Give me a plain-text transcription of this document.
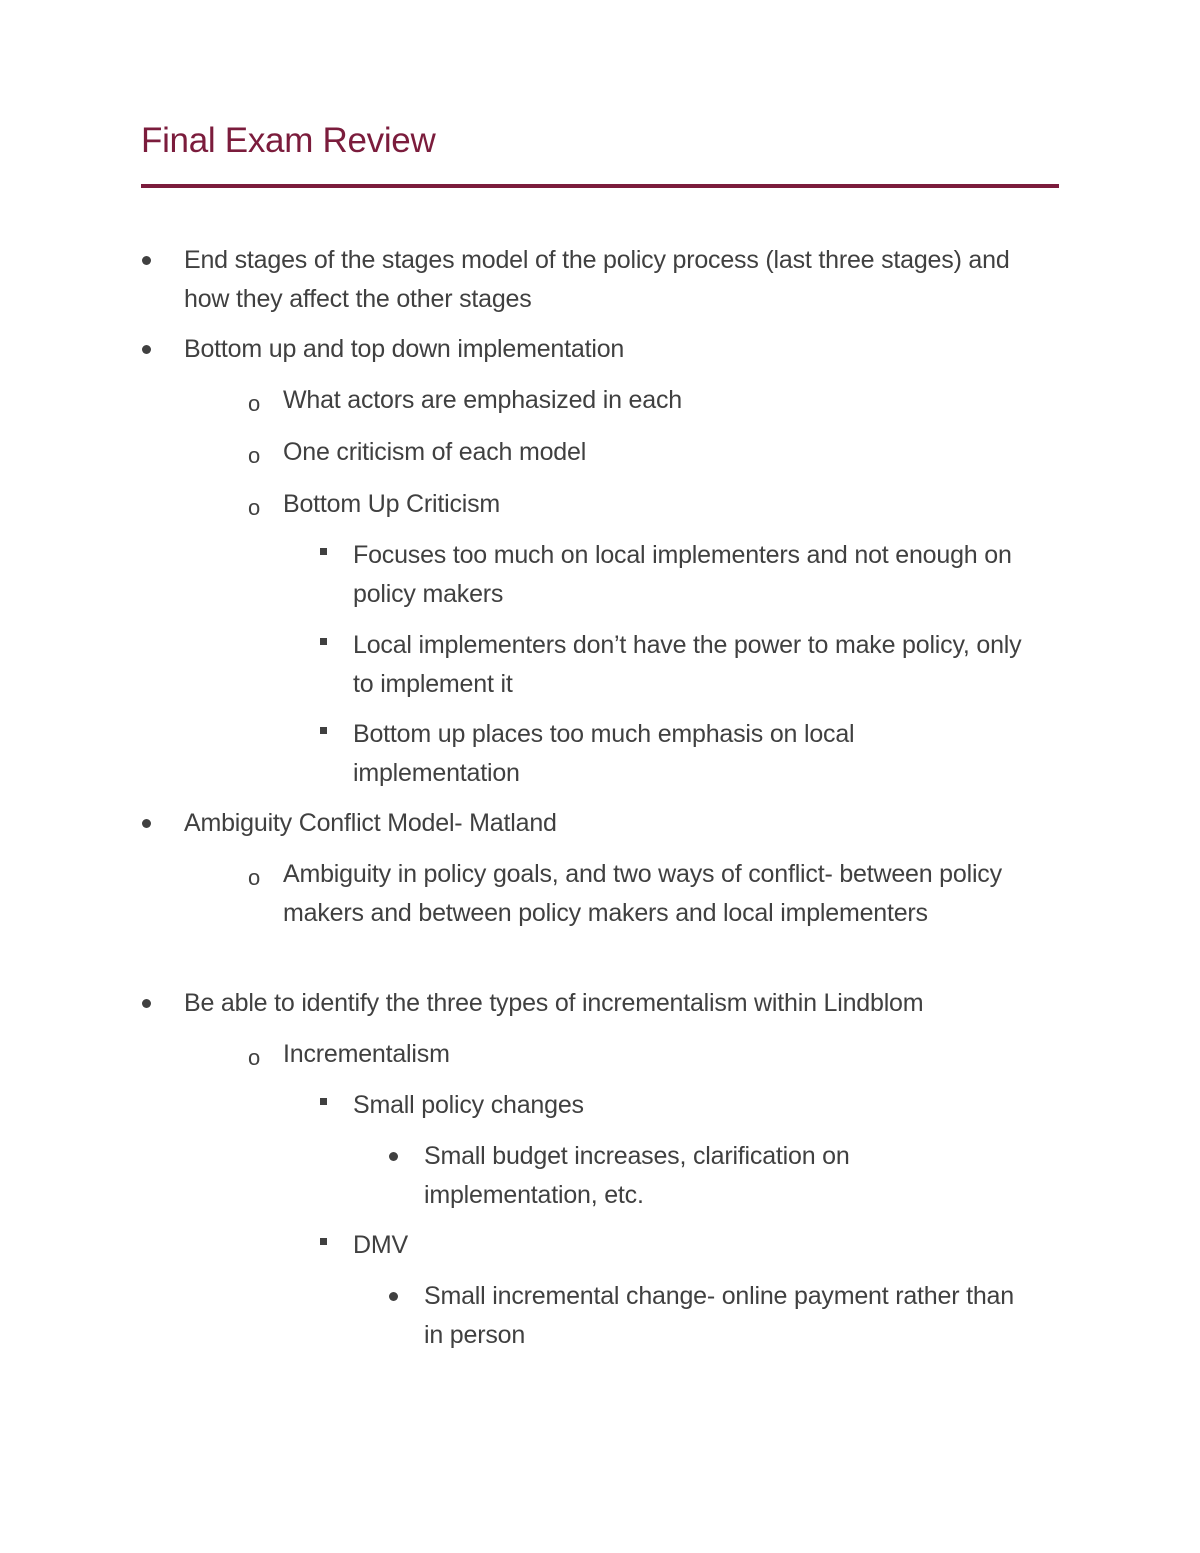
Final Exam Review
End stages of the stages model of the policy process (last three stages) and how they affect the other stages
Bottom up and top down implementation
o What actors are emphasized in each
o One criticism of each model
o Bottom Up Criticism
Focuses too much on local implementers and not enough on policy makers
Local implementers don’t have the power to make policy, only to implement it
Bottom up places too much emphasis on local implementation
Ambiguity Conflict Model- Matland
o Ambiguity in policy goals, and two ways of conflict- between policy makers and between policy makers and local implementers
Be able to identify the three types of incrementalism within Lindblom
o Incrementalism
Small policy changes
Small budget increases, clarification on implementation, etc.
DMV
Small incremental change- online payment rather than in person
